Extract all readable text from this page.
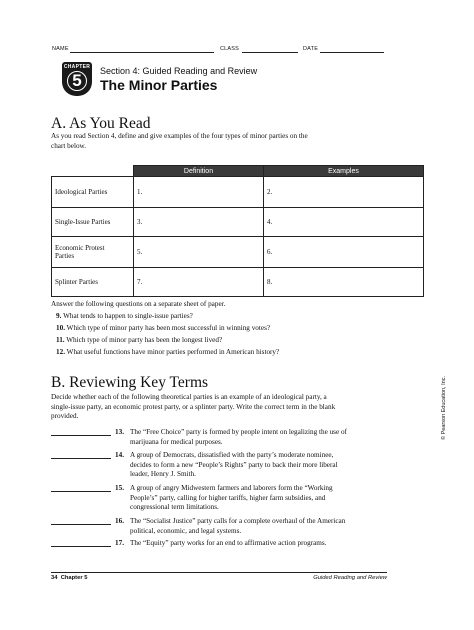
NAME	CLASS	DATE
CHAPTER
5	Section 4: Guided Reading and Review
The Minor Parties
A. As You Read
As you read Section 4, define and give examples of the four types of minor parties on the
chart below.
	Definition	Examples
Ideological Parties	1.	2.
Single-Issue Parties	3.	4.

Economic Protest
Parties	5.	6.
Splinter Parties	7.	8.
Answer the following questions on a separate sheet of paper.
9. What tends to happen to single-issue parties?
10. Which type of minor party has been most successful in winning votes?
11. Which type of minor party has been the longest lived?
12. What useful functions have minor parties performed in American history?
B. Reviewing Key Terms
Decide whether each of the following theoretical parties is an example of an ideological party, a
single-issue party, an economic protest party, or a splinter party. Write the correct term in the blank
provided.
13. The “Free Choice” party is formed by people intent on legalizing the use of
marijuana for medical purposes.
14. A group of Democrats, dissatisfied with the party’s moderate nominee,
decides to form a new “People’s Rights” party to back their more liberal
leader, Henry J. Smith.
15. A group of angry Midwestern farmers and laborers form the “Working
People’s” party, calling for higher tariffs, higher farm subsidies, and
congressional term limitations.
16. The “Socialist Justice” party calls for a complete overhaul of the American
political, economic, and legal systems.
17. The “Equity” party works for an end to affirmative action programs.
© Pearson Education, Inc.
34 Chapter 5	Guided Reading and Review
